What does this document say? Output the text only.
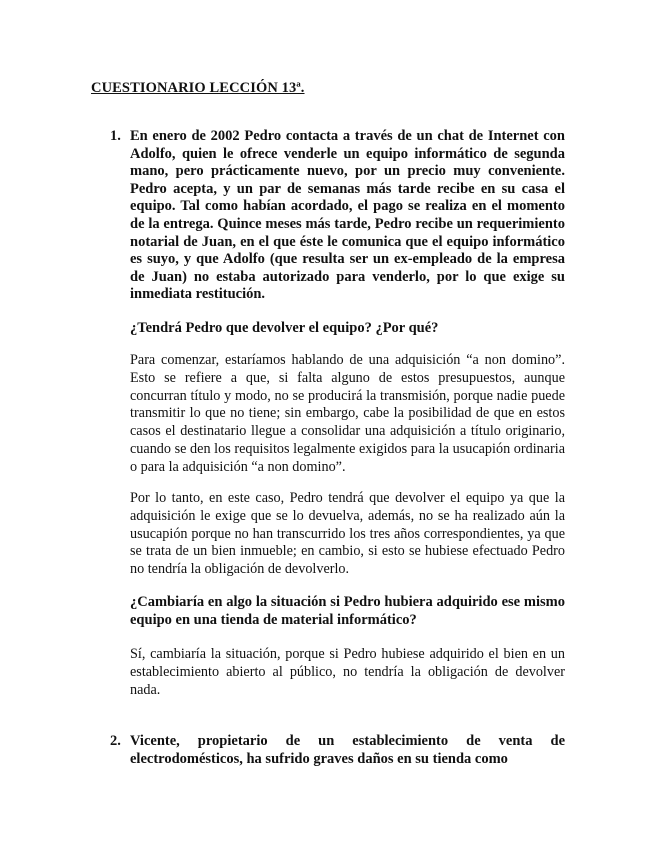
CUESTIONARIO LECCIÓN 13ª.
1. En enero de 2002 Pedro contacta a través de un chat de Internet con Adolfo, quien le ofrece venderle un equipo informático de segunda mano, pero prácticamente nuevo, por un precio muy conveniente. Pedro acepta, y un par de semanas más tarde recibe en su casa el equipo. Tal como habían acordado, el pago se realiza en el momento de la entrega. Quince meses más tarde, Pedro recibe un requerimiento notarial de Juan, en el que éste le comunica que el equipo informático es suyo, y que Adolfo (que resulta ser un ex-empleado de la empresa de Juan) no estaba autorizado para venderlo, por lo que exige su inmediata restitución.
¿Tendrá Pedro que devolver el equipo? ¿Por qué?
Para comenzar, estaríamos hablando de una adquisición “a non domino”. Esto se refiere a que, si falta alguno de estos presupuestos, aunque concurran título y modo, no se producirá la transmisión, porque nadie puede transmitir lo que no tiene; sin embargo, cabe la posibilidad de que en estos casos el destinatario llegue a consolidar una adquisición a título originario, cuando se den los requisitos legalmente exigidos para la usucapión ordinaria o para la adquisición “a non domino”.
Por lo tanto, en este caso, Pedro tendrá que devolver el equipo ya que la adquisición le exige que se lo devuelva, además, no se ha realizado aún la usucapión porque no han transcurrido los tres años correspondientes, ya que se trata de un bien inmueble; en cambio, si esto se hubiese efectuado Pedro no tendría la obligación de devolverlo.
¿Cambiaría en algo la situación si Pedro hubiera adquirido ese mismo equipo en una tienda de material informático?
Sí, cambiaría la situación, porque si Pedro hubiese adquirido el bien en un establecimiento abierto al público, no tendría la obligación de devolver nada.
2. Vicente, propietario de un establecimiento de venta de electrodomésticos, ha sufrido graves daños en su tienda como
